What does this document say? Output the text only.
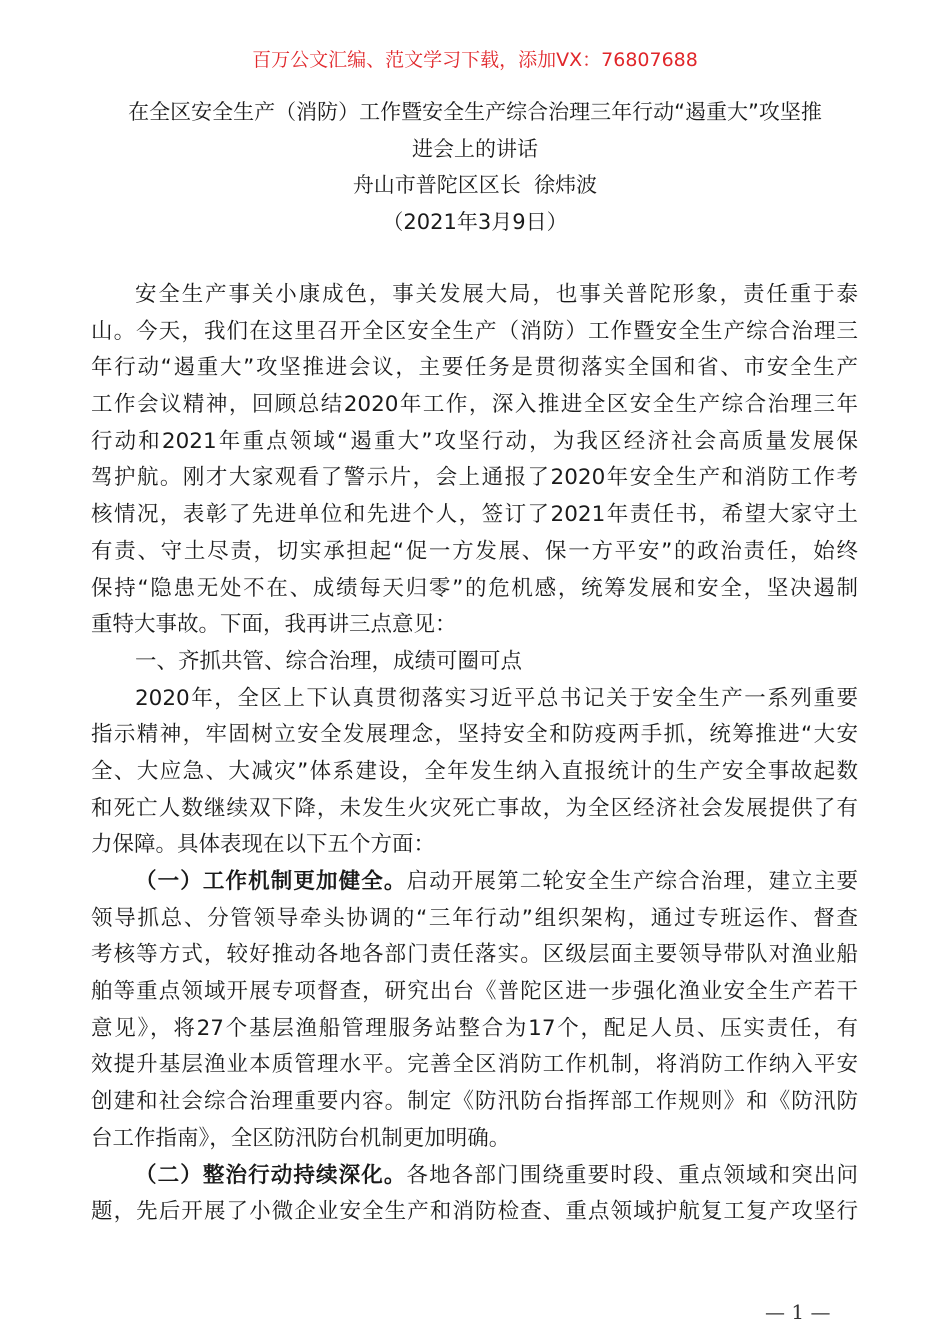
百万公文汇编、范文学习下载，添加VX：76807688
在全区安全生产（消防）工作暨安全生产综合治理三年行动“遏重大”攻坚推
进会上的讲话
舟山市普陀区区长  徐炜波
（2021年3月9日）
安全生产事关小康成色，事关发展大局，也事关普陀形象，责任重于泰
山。今天，我们在这里召开全区安全生产（消防）工作暨安全生产综合治理三
年行动“遏重大”攻坚推进会议，主要任务是贯彻落实全国和省、市安全生产
工作会议精神，回顾总结2020年工作，深入推进全区安全生产综合治理三年
行动和2021年重点领域“遏重大”攻坚行动，为我区经济社会高质量发展保
驾护航。刚才大家观看了警示片，会上通报了2020年安全生产和消防工作考
核情况，表彰了先进单位和先进个人，签订了2021年责任书，希望大家守土
有责、守土尽责，切实承担起“促一方发展、保一方平安”的政治责任，始终
保持“隐患无处不在、成绩每天归零”的危机感，统筹发展和安全，坚决遏制
重特大事故。下面，我再讲三点意见：
一、齐抓共管、综合治理，成绩可圈可点
2020年，全区上下认真贯彻落实习近平总书记关于安全生产一系列重要
指示精神，牢固树立安全发展理念，坚持安全和防疫两手抓，统筹推进“大安
全、大应急、大减灾”体系建设，全年发生纳入直报统计的生产安全事故起数
和死亡人数继续双下降，未发生火灾死亡事故，为全区经济社会发展提供了有
力保障。具体表现在以下五个方面：
（一）工作机制更加健全。启动开展第二轮安全生产综合治理，建立主要
领导抓总、分管领导牵头协调的“三年行动”组织架构，通过专班运作、督查
考核等方式，较好推动各地各部门责任落实。区级层面主要领导带队对渔业船
舶等重点领域开展专项督查，研究出台《普陀区进一步强化渔业安全生产若干
意见》，将27个基层渔船管理服务站整合为17个，配足人员、压实责任，有
效提升基层渔业本质管理水平。完善全区消防工作机制，将消防工作纳入平安
创建和社会综合治理重要内容。制定《防汛防台指挥部工作规则》和《防汛防
台工作指南》，全区防汛防台机制更加明确。
（二）整治行动持续深化。各地各部门围绕重要时段、重点领域和突出问
题，先后开展了小微企业安全生产和消防检查、重点领域护航复工复产攻坚行
— 1 —
